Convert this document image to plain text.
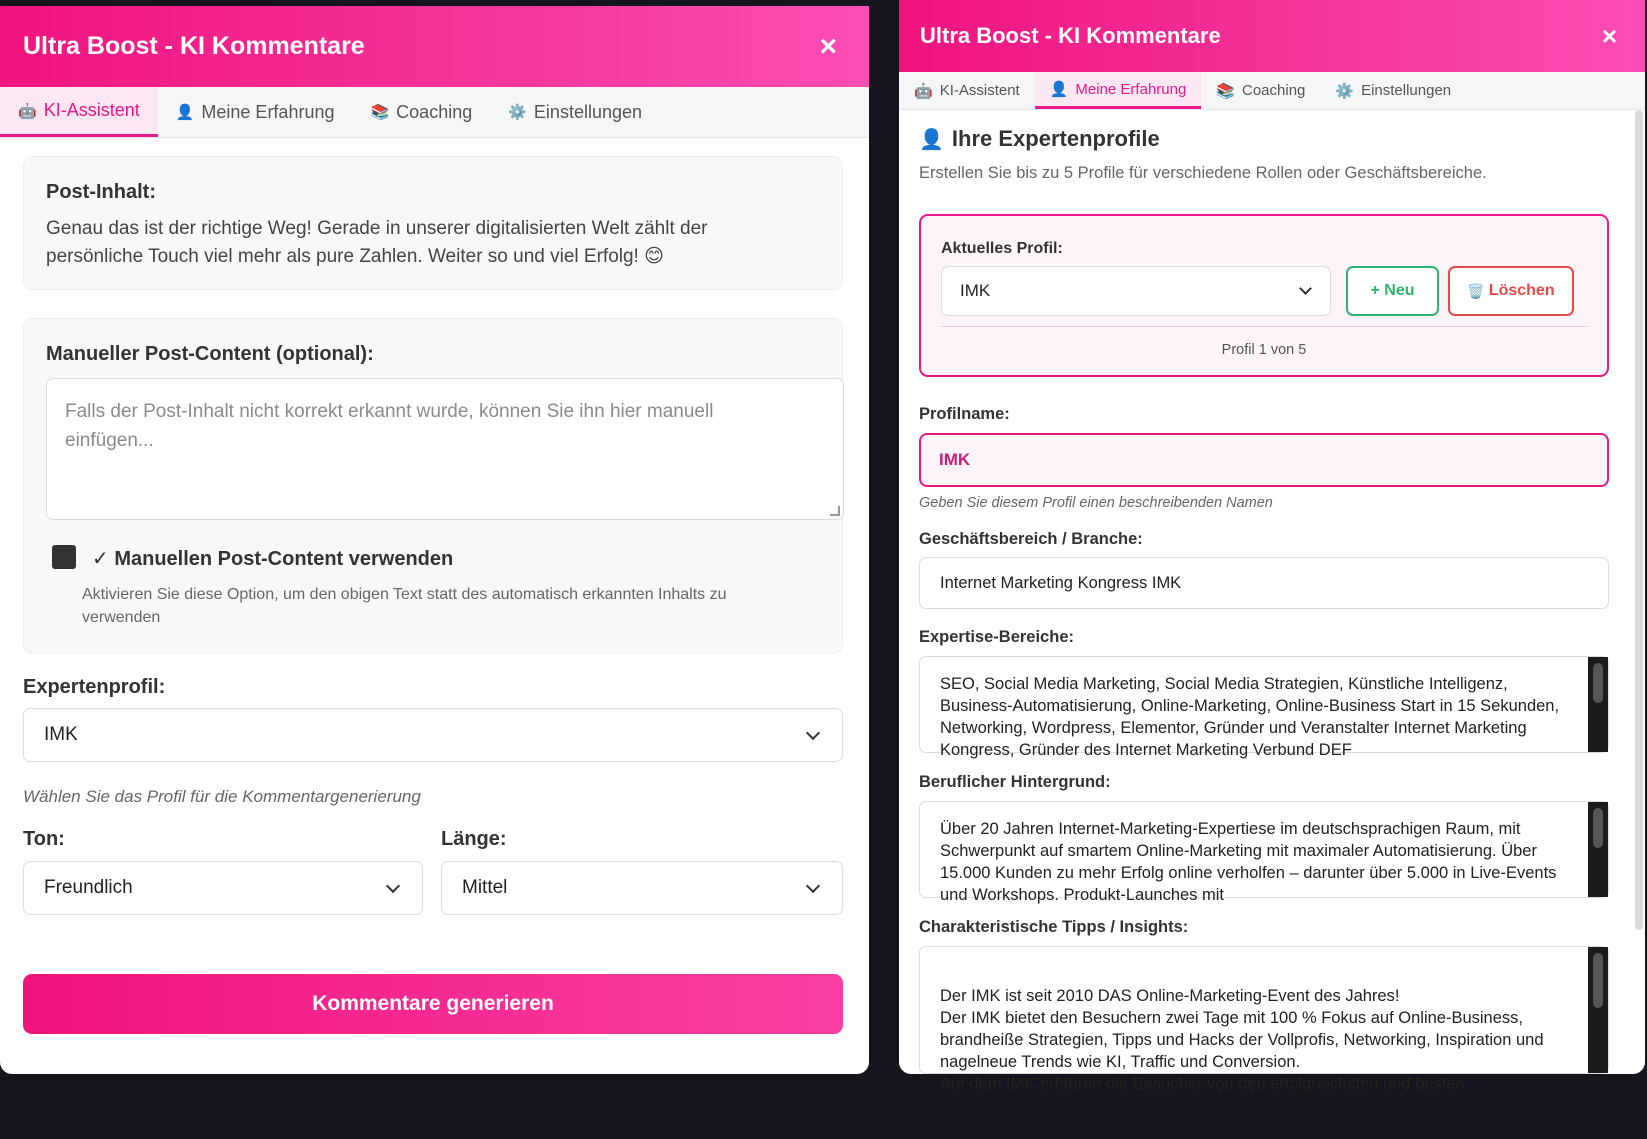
Ultra Boost - KI Kommentare	×
🤖 KI-Assistent 👤 Meine Erfahrung 📚 Coaching ⚙️ Einstellungen
Post-Inhalt:
Genau das ist der richtige Weg! Gerade in unserer digitalisierten Welt zählt der persönliche Touch viel mehr als pure Zahlen. Weiter so und viel Erfolg! 😊
Manueller Post-Content (optional):
Falls der Post-Inhalt nicht korrekt erkannt wurde, können Sie ihn hier manuell einfügen...
✓ Manuellen Post-Content verwenden
Aktivieren Sie diese Option, um den obigen Text statt des automatisch erkannten Inhalts zu verwenden
Expertenprofil:
IMK
Wählen Sie das Profil für die Kommentargenerierung
Ton:
Freundlich
Länge:
Mittel
Kommentare generieren
Ultra Boost - KI Kommentare	×
🤖 KI-Assistent 👤 Meine Erfahrung 📚 Coaching ⚙️ Einstellungen
👤 Ihre Expertenprofile
Erstellen Sie bis zu 5 Profile für verschiedene Rollen oder Geschäftsbereiche.
Aktuelles Profil:
IMK	+ Neu	🗑️ Löschen
Profil 1 von 5
Profilname:
IMK
Geben Sie diesem Profil einen beschreibenden Namen
Geschäftsbereich / Branche:
Internet Marketing Kongress IMK
Expertise-Bereiche:
SEO, Social Media Marketing, Social Media Strategien, Künstliche Intelligenz, Business-Automatisierung, Online-Marketing, Online-Business Start in 15 Sekunden, Networking, Wordpress, Elementor, Gründer und Veranstalter Internet Marketing Kongress, Gründer des Internet Marketing Verbund DEF
Beruflicher Hintergrund:
Über 20 Jahren Internet-Marketing-Expertiese im deutschsprachigen Raum, mit Schwerpunkt auf smartem Online-Marketing mit maximaler Automatisierung. Über 15.000 Kunden zu mehr Erfolg online verholfen – darunter über 5.000 in Live-Events und Workshops. Produkt-Launches mit
Charakteristische Tipps / Insights:

Der IMK ist seit 2010 DAS Online-Marketing-Event des Jahres!
Der IMK bietet den Besuchern zwei Tage mit 100 % Fokus auf Online-Business, brandheiße Strategien, Tipps und Hacks der Vollprofis, Networking, Inspiration und nagelneue Trends wie KI, Traffic und Conversion.
Auf dem IMK erfahren die Besucher von den erfolgreichsten und besten
